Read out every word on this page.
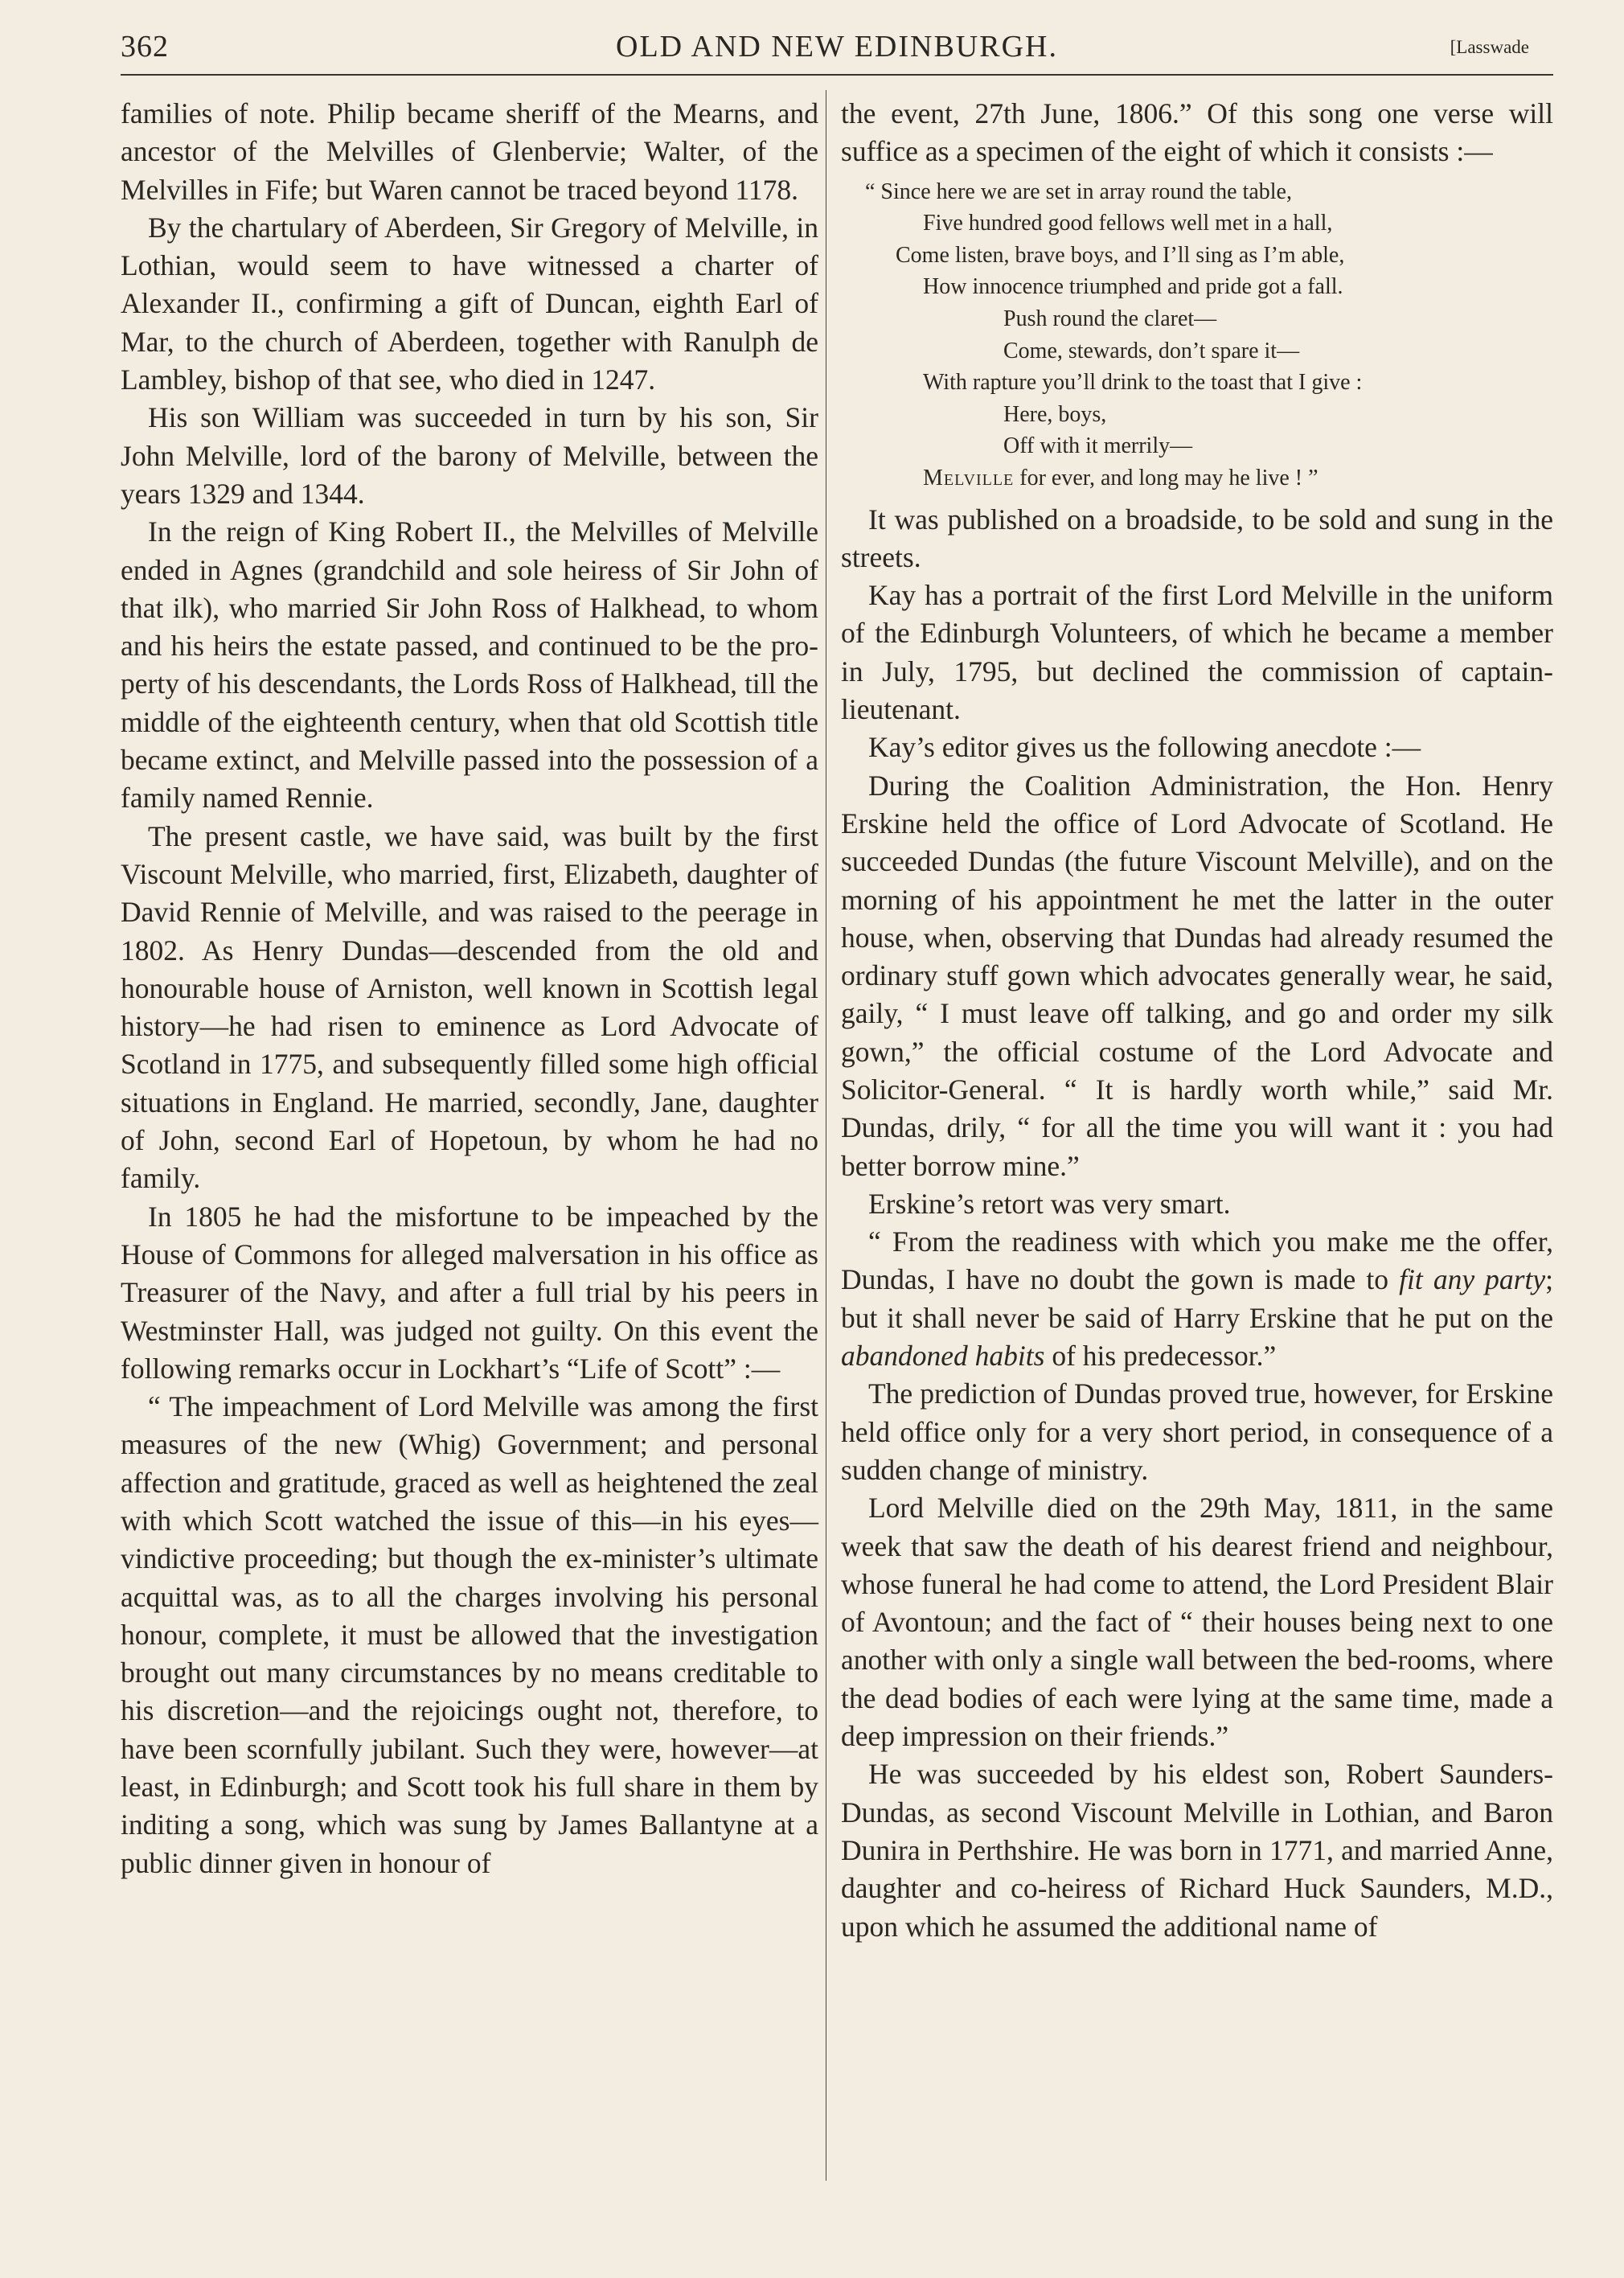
362	OLD AND NEW EDINBURGH.	[Lasswade

families of note. Philip became sheriff of the Mearns, and ancestor of the Melvilles of Glenbervie; Walter, of the Melvilles in Fife; but Waren cannot be traced beyond 1178.

By the chartulary of Aberdeen, Sir Gregory of Melville, in Lothian, would seem to have witnessed a charter of Alexander II., confirming a gift of Duncan, eighth Earl of Mar, to the church of Aberdeen, together with Ranulph de Lambley, bishop of that see, who died in 1247.

His son William was succeeded in turn by his son, Sir John Melville, lord of the barony of Melville, between the years 1329 and 1344.

In the reign of King Robert II., the Melvilles of Melville ended in Agnes (grandchild and sole heiress of Sir John of that ilk), who married Sir John Ross of Halkhead, to whom and his heirs the estate passed, and continued to be the property of his descendants, the Lords Ross of Halkhead, till the middle of the eighteenth century, when that old Scottish title became extinct, and Melville passed into the possession of a family named Rennie.

The present castle, we have said, was built by the first Viscount Melville, who married, first, Elizabeth, daughter of David Rennie of Melville, and was raised to the peerage in 1802. As Henry Dundas—descended from the old and honourable house of Arniston, well known in Scottish legal history—he had risen to eminence as Lord Advocate of Scotland in 1775, and subsequently filled some high official situations in England. He married, secondly, Jane, daughter of John, second Earl of Hopetoun, by whom he had no family.

In 1805 he had the misfortune to be impeached by the House of Commons for alleged malversation in his office as Treasurer of the Navy, and after a full trial by his peers in Westminster Hall, was judged not guilty. On this event the following remarks occur in Lockhart’s “Life of Scott” :—

“ The impeachment of Lord Melville was among the first measures of the new (Whig) Government; and personal affection and gratitude, graced as well as heightened the zeal with which Scott watched the issue of this—in his eyes—vindictive proceeding; but though the ex-minister’s ultimate acquittal was, as to all the charges involving his personal honour, complete, it must be allowed that the investigation brought out many circumstances by no means creditable to his discretion—and the rejoicings ought not, therefore, to have been scornfully jubilant. Such they were, however—at least, in Edinburgh; and Scott took his full share in them by inditing a song, which was sung by James Ballantyne at a public dinner given in honour of

the event, 27th June, 1806.” Of this song one verse will suffice as a specimen of the eight of which it consists :—

“ Since here we are set in array round the table,
Five hundred good fellows well met in a hall,
Come listen, brave boys, and I’ll sing as I’m able,
How innocence triumphed and pride got a fall.
Push round the claret—
Come, stewards, don’t spare it—
With rapture you’ll drink to the toast that I give :
Here, boys,
Off with it merrily—
Melville for ever, and long may he live ! ”

It was published on a broadside, to be sold and sung in the streets.

Kay has a portrait of the first Lord Melville in the uniform of the Edinburgh Volunteers, of which he became a member in July, 1795, but declined the commission of captain-lieutenant.

Kay’s editor gives us the following anecdote :—

During the Coalition Administration, the Hon. Henry Erskine held the office of Lord Advocate of Scotland. He succeeded Dundas (the future Viscount Melville), and on the morning of his appointment he met the latter in the outer house, when, observing that Dundas had already resumed the ordinary stuff gown which advocates generally wear, he said, gaily, “ I must leave off talking, and go and order my silk gown,” the official costume of the Lord Advocate and Solicitor-General. “ It is hardly worth while,” said Mr. Dundas, drily, “ for all the time you will want it : you had better borrow mine.”

Erskine’s retort was very smart.

“ From the readiness with which you make me the offer, Dundas, I have no doubt the gown is made to fit any party; but it shall never be said of Harry Erskine that he put on the abandoned habits of his predecessor.”

The prediction of Dundas proved true, however, for Erskine held office only for a very short period, in consequence of a sudden change of ministry.

Lord Melville died on the 29th May, 1811, in the same week that saw the death of his dearest friend and neighbour, whose funeral he had come to attend, the Lord President Blair of Avontoun; and the fact of “ their houses being next to one another with only a single wall between the bed-rooms, where the dead bodies of each were lying at the same time, made a deep impression on their friends.”

He was succeeded by his eldest son, Robert Saunders-Dundas, as second Viscount Melville in Lothian, and Baron Dunira in Perthshire. He was born in 1771, and married Anne, daughter and co-heiress of Richard Huck Saunders, M.D., upon which he assumed the additional name of
